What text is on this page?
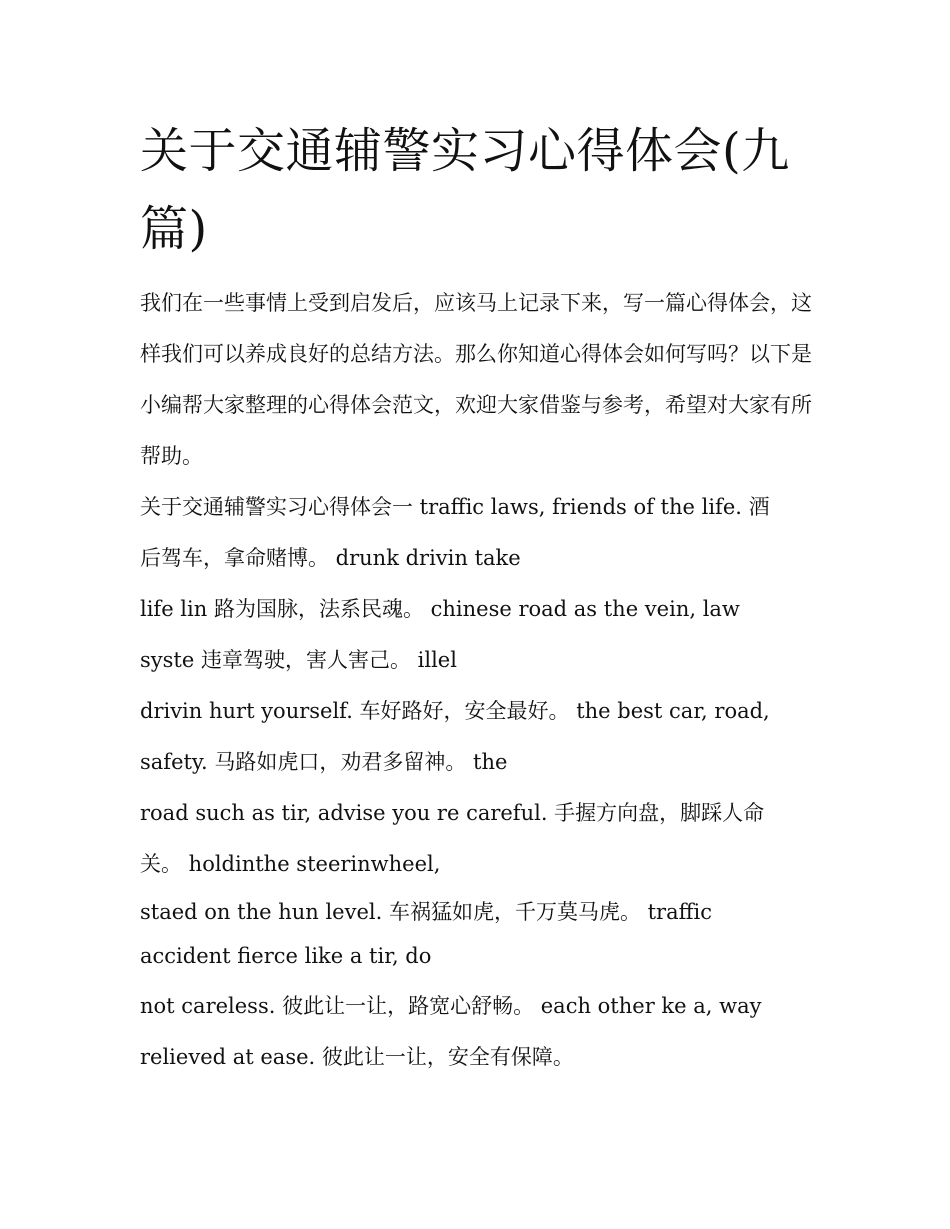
关于交通辅警实习心得体会(九篇)

我们在一些事情上受到启发后，应该马上记录下来，写一篇心得体会，这样我们可以养成良好的总结方法。那么你知道心得体会如何写吗？以下是小编帮大家整理的心得体会范文，欢迎大家借鉴与参考，希望对大家有所帮助。

关于交通辅警实习心得体会一 traffic laws, friends of the life. 酒
后驾车，拿命赌博。 drunk drivin take
life lin 路为国脉，法系民魂。 chinese road as the vein, law
syste 违章驾驶，害人害己。 illel
drivin hurt yourself. 车好路好，安全最好。 the best car, road,
safety. 马路如虎口，劝君多留神。 the
road such as tir, advise you re careful. 手握方向盘，脚踩人命
关。 holdinthe steerinwheel,
staed on the hun level. 车祸猛如虎，千万莫马虎。 traffic
accident fierce like a tir, do
not careless. 彼此让一让，路宽心舒畅。 each other ke a, way
relieved at ease. 彼此让一让，安全有保障。
